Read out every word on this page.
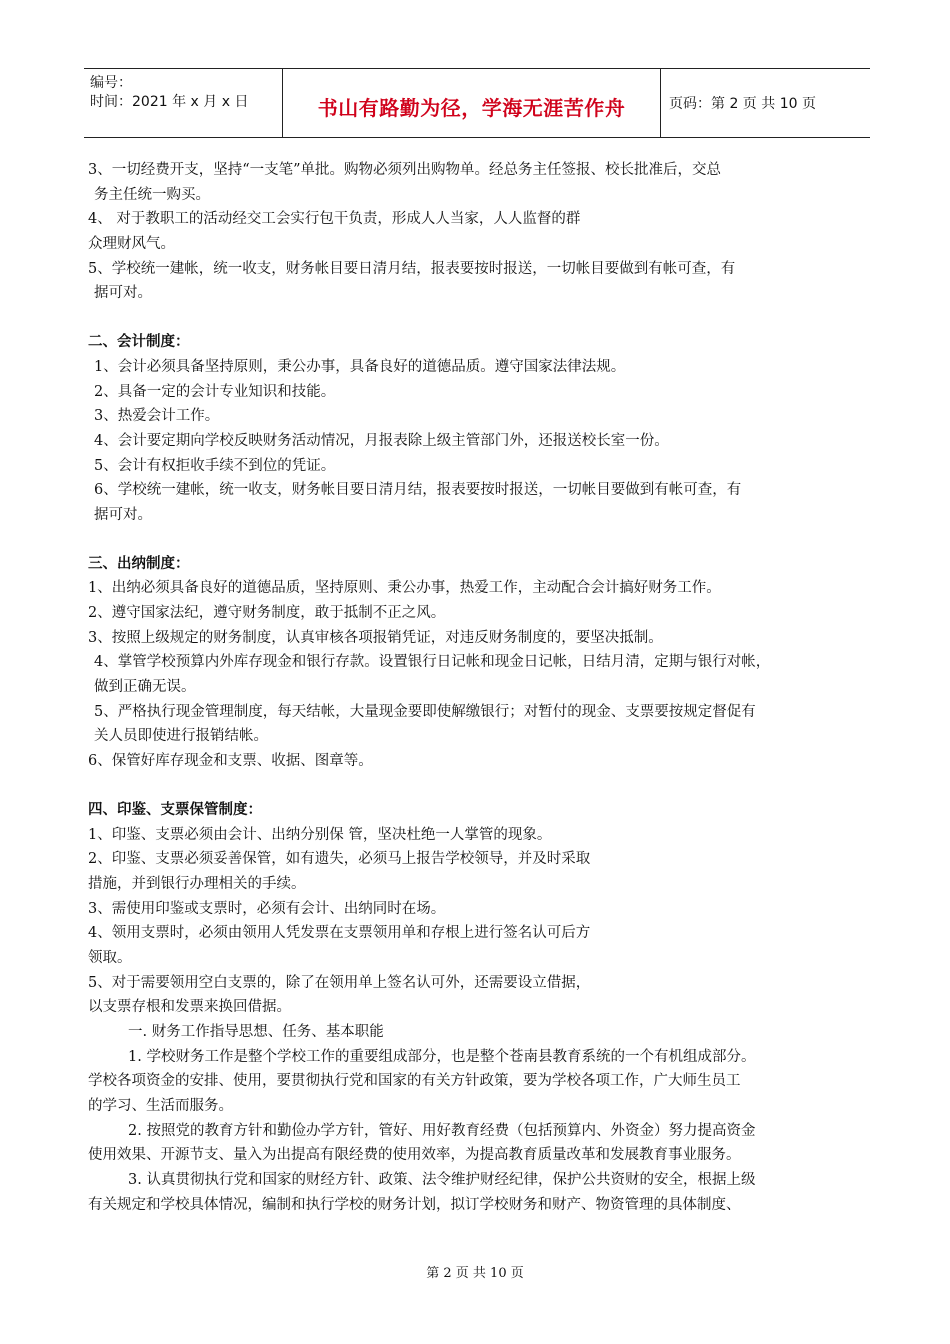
编号：
时间：2021 年 x 月 x 日	书山有路勤为径，学海无涯苦作舟	页码：第 2 页 共 10 页
3、一切经费开支，坚持“一支笔”单批。购物必须列出购物单。经总务主任签报、校长批准后，交总
务主任统一购买。
4、 对于教职工的活动经交工会实行包干负责，形成人人当家，人人监督的群
众理财风气。
5、学校统一建帐，统一收支，财务帐目要日清月结，报表要按时报送，一切帐目要做到有帐可查，有
据可对。
二、会计制度：
1、会计必须具备坚持原则，秉公办事，具备良好的道德品质。遵守国家法律法规。
2、具备一定的会计专业知识和技能。
3、热爱会计工作。
4、会计要定期向学校反映财务活动情况，月报表除上级主管部门外，还报送校长室一份。
5、会计有权拒收手续不到位的凭证。
6、学校统一建帐，统一收支，财务帐目要日清月结，报表要按时报送，一切帐目要做到有帐可查，有
据可对。
三、出纳制度：
1、出纳必须具备良好的道德品质，坚持原则、秉公办事，热爱工作，主动配合会计搞好财务工作。
2、遵守国家法纪，遵守财务制度，敢于抵制不正之风。
3、按照上级规定的财务制度，认真审核各项报销凭证，对违反财务制度的，要坚决抵制。
4、掌管学校预算内外库存现金和银行存款。设置银行日记帐和现金日记帐，日结月清，定期与银行对帐，
做到正确无误。
5、严格执行现金管理制度，每天结帐，大量现金要即使解缴银行；对暂付的现金、支票要按规定督促有
关人员即使进行报销结帐。
6、保管好库存现金和支票、收据、图章等。
四、印鉴、支票保管制度：
1、印鉴、支票必须由会计、出纳分别保 管，坚决杜绝一人掌管的现象。
2、印鉴、支票必须妥善保管，如有遗失，必须马上报告学校领导，并及时采取
措施，并到银行办理相关的手续。
3、需使用印鉴或支票时，必须有会计、出纳同时在场。
4、领用支票时，必须由领用人凭发票在支票领用单和存根上进行签名认可后方
领取。
5、对于需要领用空白支票的，除了在领用单上签名认可外，还需要设立借据，
以支票存根和发票来换回借据。
一. 财务工作指导思想、任务、基本职能
1. 学校财务工作是整个学校工作的重要组成部分，也是整个苍南县教育系统的一个有机组成部分。
学校各项资金的安排、使用，要贯彻执行党和国家的有关方针政策，要为学校各项工作，广大师生员工
的学习、生活而服务。
2. 按照党的教育方针和勤俭办学方针，管好、用好教育经费（包括预算内、外资金）努力提高资金
使用效果、开源节支、量入为出提高有限经费的使用效率，为提高教育质量改革和发展教育事业服务。
3. 认真贯彻执行党和国家的财经方针、政策、法令维护财经纪律，保护公共资财的安全，根据上级
有关规定和学校具体情况，编制和执行学校的财务计划，拟订学校财务和财产、物资管理的具体制度、
第 2 页 共 10 页
